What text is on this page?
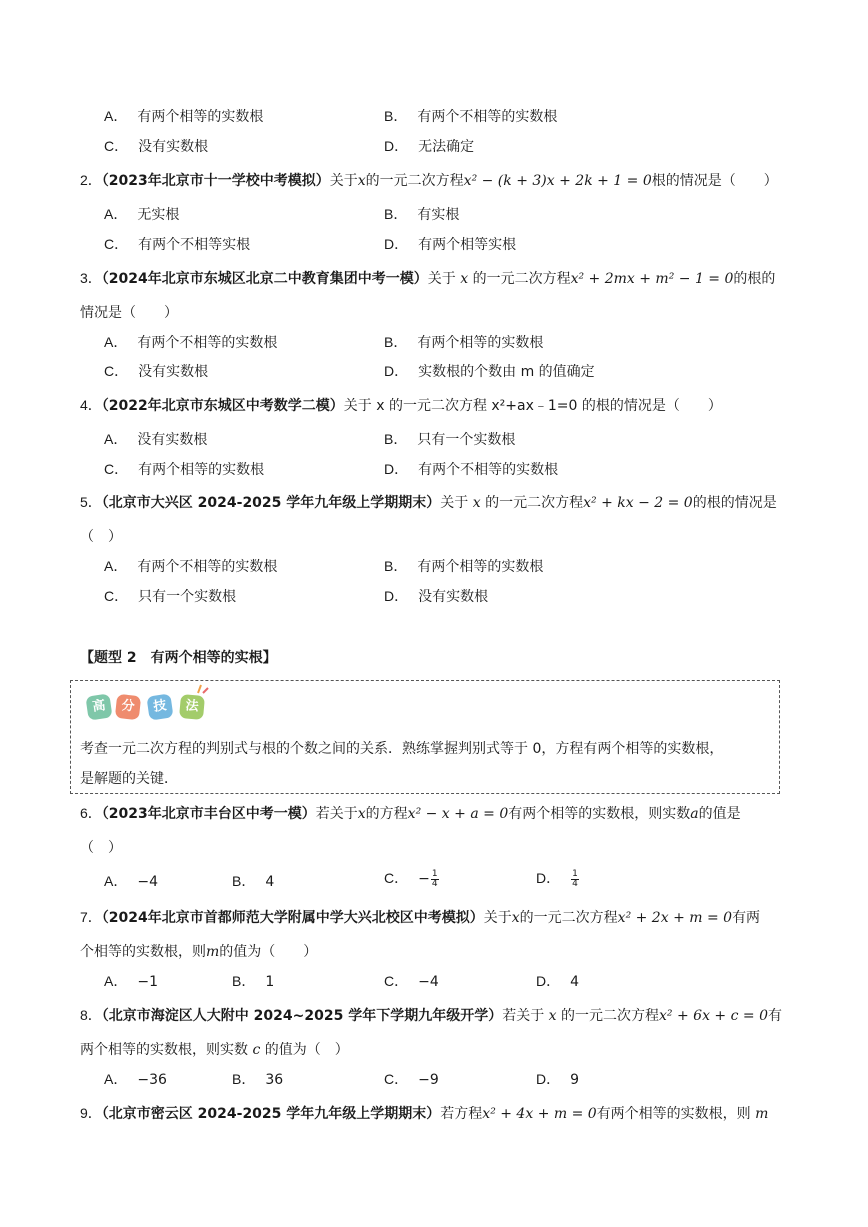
A． 有两个相等的实数根	B． 有两个不相等的实数根
C． 没有实数根	D． 无法确定
2．（2023年北京市十一学校中考模拟）关于x的一元二次方程x² − (k + 3)x + 2k + 1 = 0根的情况是（　　）
A． 无实根	B． 有实根
C． 有两个不相等实根	D． 有两个相等实根
3．（2024年北京市东城区北京二中教育集团中考一模）关于 x 的一元二次方程x² + 2mx + m² − 1 = 0的根的
情况是（　　）
A． 有两个不相等的实数根	B． 有两个相等的实数根
C． 没有实数根	D． 实数根的个数由 m 的值确定
4．（2022年北京市东城区中考数学二模）关于 x 的一元二次方程 x²+ax﹣1=0 的根的情况是（　　）
A． 没有实数根	B． 只有一个实数根
C． 有两个相等的实数根	D． 有两个不相等的实数根
5．（北京市大兴区 2024-2025 学年九年级上学期期末）关于 x 的一元二次方程x² + kx − 2 = 0的根的情况是
（　）
A． 有两个不相等的实数根	B． 有两个相等的实数根
C． 只有一个实数根	D． 没有实数根
【题型 2　有两个相等的实根】
高	分	技	法
考查一元二次方程的判别式与根的个数之间的关系．熟练掌握判别式等于 0，方程有两个相等的实数根，
是解题的关键．
6．（2023年北京市丰台区中考一模）若关于x的方程x² − x + a = 0有两个相等的实数根，则实数a的值是
（　）
A． −4	B． 4	C． − $\frac{1}{4}$	D． $\frac{1}{4}$
7．（2024年北京市首都师范大学附属中学大兴北校区中考模拟）关于x的一元二次方程x² + 2x + m = 0有两
个相等的实数根，则m的值为（　　）
A． −1	B． 1	C． −4	D． 4
8．（北京市海淀区人大附中 2024~2025 学年下学期九年级开学）若关于 x 的一元二次方程x² + 6x + c = 0有
两个相等的实数根，则实数 c 的值为（　）
A． −36	B． 36	C． −9	D． 9
9．（北京市密云区 2024-2025 学年九年级上学期期末）若方程x² + 4x + m = 0有两个相等的实数根，则 m
